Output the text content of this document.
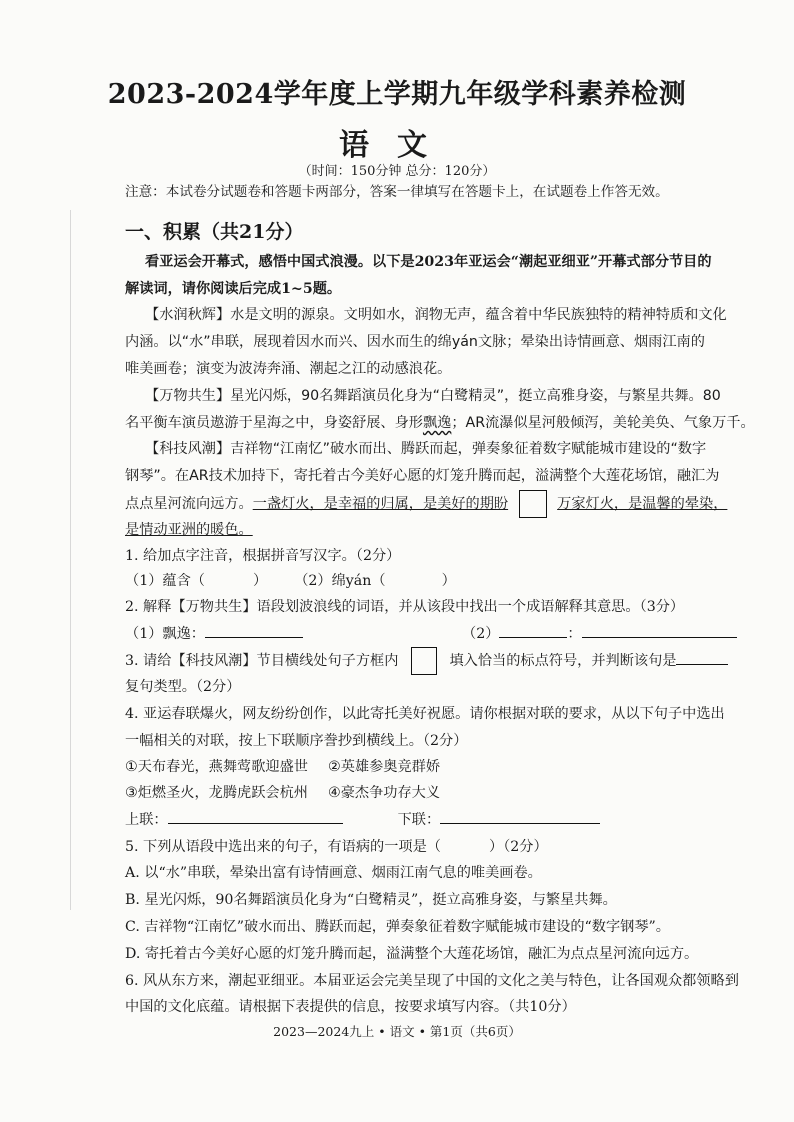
2023-2024学年度上学期九年级学科素养检测
语文
（时间：150分钟 总分：120分）
注意：本试卷分试题卷和答题卡两部分，答案一律填写在答题卡上，在试题卷上作答无效。
一、积累（共21分）
看亚运会开幕式，感悟中国式浪漫。以下是2023年亚运会“潮起亚细亚”开幕式部分节目的
解读词，请你阅读后完成1~5题。
【水润秋辉】水是文明的源泉。文明如水，润物无声，蕴含着中华民族独特的精神特质和文化
内涵。以“水”串联，展现着因水而兴、因水而生的绵yán文脉；晕染出诗情画意、烟雨江南的
唯美画卷；演变为波涛奔涌、潮起之江的动感浪花。
【万物共生】星光闪烁，90名舞蹈演员化身为“白鹭精灵”，挺立高雅身姿，与繁星共舞。80
名平衡车演员遨游于星海之中，身姿舒展、身形飘逸；AR流瀑似星河般倾泻，美轮美奂、气象万千。
【科技风潮】吉祥物“江南忆”破水而出、腾跃而起，弹奏象征着数字赋能城市建设的“数字
钢琴”。在AR技术加持下，寄托着古今美好心愿的灯笼升腾而起，溢满整个大莲花场馆，融汇为
点点星河流向远方。一盏灯火，是幸福的归属，是美好的期盼	万家灯火，是温馨的晕染，
是情动亚洲的暖色。
1. 给加点字注音，根据拼音写汉字。（2分）
（1）蕴含（	） （2）绵yán（	）
2. 解释【万物共生】语段划波浪线的词语，并从该段中找出一个成语解释其意思。（3分）
（1）飘逸：	（2）	：
3. 请给【科技风潮】节目横线处句子方框内	填入恰当的标点符号，并判断该句是
复句类型。（2分）
4. 亚运春联爆火，网友纷纷创作，以此寄托美好祝愿。请你根据对联的要求，从以下句子中选出
一幅相关的对联，按上下联顺序誊抄到横线上。（2分）
①天布春光，燕舞莺歌迎盛世 ②英雄参奥竞群娇
③炬燃圣火，龙腾虎跃会杭州 ④豪杰争功存大义
上联：	下联：
5. 下列从语段中选出来的句子，有语病的一项是（	）（2分）
A. 以“水”串联，晕染出富有诗情画意、烟雨江南气息的唯美画卷。
B. 星光闪烁，90名舞蹈演员化身为“白鹭精灵”，挺立高雅身姿，与繁星共舞。
C. 吉祥物“江南忆”破水而出、腾跃而起，弹奏象征着数字赋能城市建设的“数字钢琴”。
D. 寄托着古今美好心愿的灯笼升腾而起，溢满整个大莲花场馆，融汇为点点星河流向远方。
6. 风从东方来，潮起亚细亚。本届亚运会完美呈现了中国的文化之美与特色，让各国观众都领略到
中国的文化底蕴。请根据下表提供的信息，按要求填写内容。（共10分）
2023—2024九上 • 语文 • 第1页（共6页）
